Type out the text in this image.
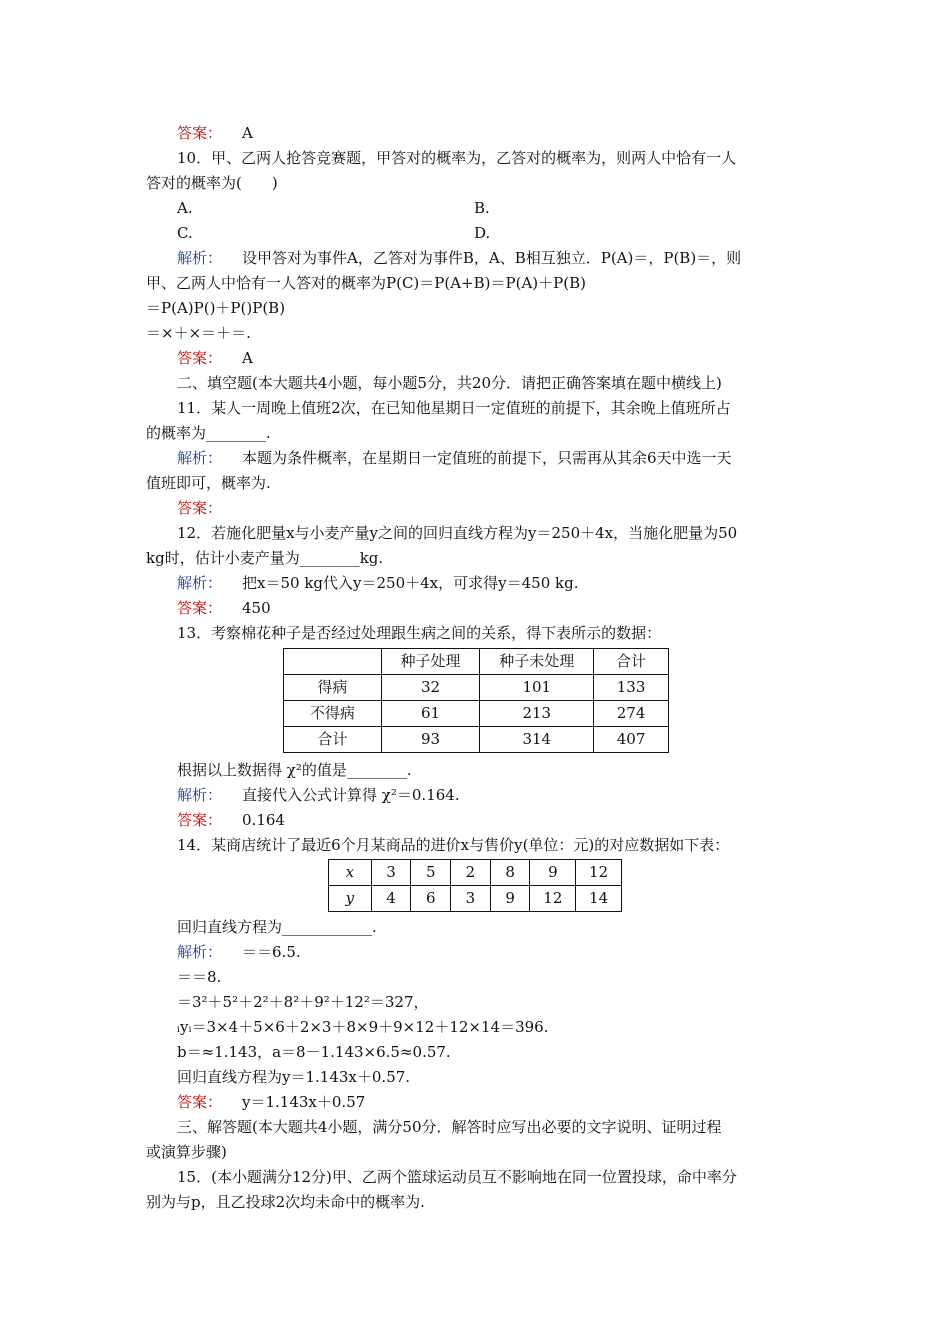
答案： A
10．甲、乙两人抢答竞赛题，甲答对的概率为，乙答对的概率为，则两人中恰有一人
答对的概率为(　　)
A.	B.
C.	D.
解析： 设甲答对为事件A，乙答对为事件B，A、B相互独立．P(A)＝，P(B)＝，则
甲、乙两人中恰有一人答对的概率为P(C)＝P(A+B)＝P(A)＋P(B)
＝P(A)P()＋P()P(B)
＝×＋×＝＋＝.
答案： A
二、填空题(本大题共4小题，每小题5分，共20分．请把正确答案填在题中横线上)
11．某人一周晚上值班2次，在已知他星期日一定值班的前提下，其余晚上值班所占
的概率为________.
解析： 本题为条件概率，在星期日一定值班的前提下，只需再从其余6天中选一天
值班即可，概率为.
答案：
12．若施化肥量x与小麦产量y之间的回归直线方程为y＝250＋4x，当施化肥量为50
kg时，估计小麦产量为________kg.
解析： 把x＝50 kg代入y＝250＋4x，可求得y＝450 kg.
答案： 450
13．考察棉花种子是否经过处理跟生病之间的关系，得下表所示的数据：
	种子处理	种子未处理	合计
得病	32	101	133
不得病	61	213	274
合计	93	314	407
根据以上数据得 χ²的值是________.
解析： 直接代入公式计算得 χ²＝0.164.
答案： 0.164
14．某商店统计了最近6个月某商品的进价x与售价y(单位：元)的对应数据如下表：
x	3	5	2	8	9	12
y	4	6	3	9	12	14
回归直线方程为____________.
解析： ＝＝6.5.
＝＝8.
＝3²＋5²＋2²＋8²＋9²＋12²＝327，
ᵢyᵢ＝3×4＋5×6＋2×3＋8×9＋9×12＋12×14＝396.
b＝≈1.143，a＝8－1.143×6.5≈0.57.
回归直线方程为y＝1.143x＋0.57.
答案： y＝1.143x＋0.57
三、解答题(本大题共4小题，满分50分．解答时应写出必要的文字说明、证明过程
或演算步骤)
15．(本小题满分12分)甲、乙两个篮球运动员互不影响地在同一位置投球，命中率分
别为与p，且乙投球2次均未命中的概率为.
